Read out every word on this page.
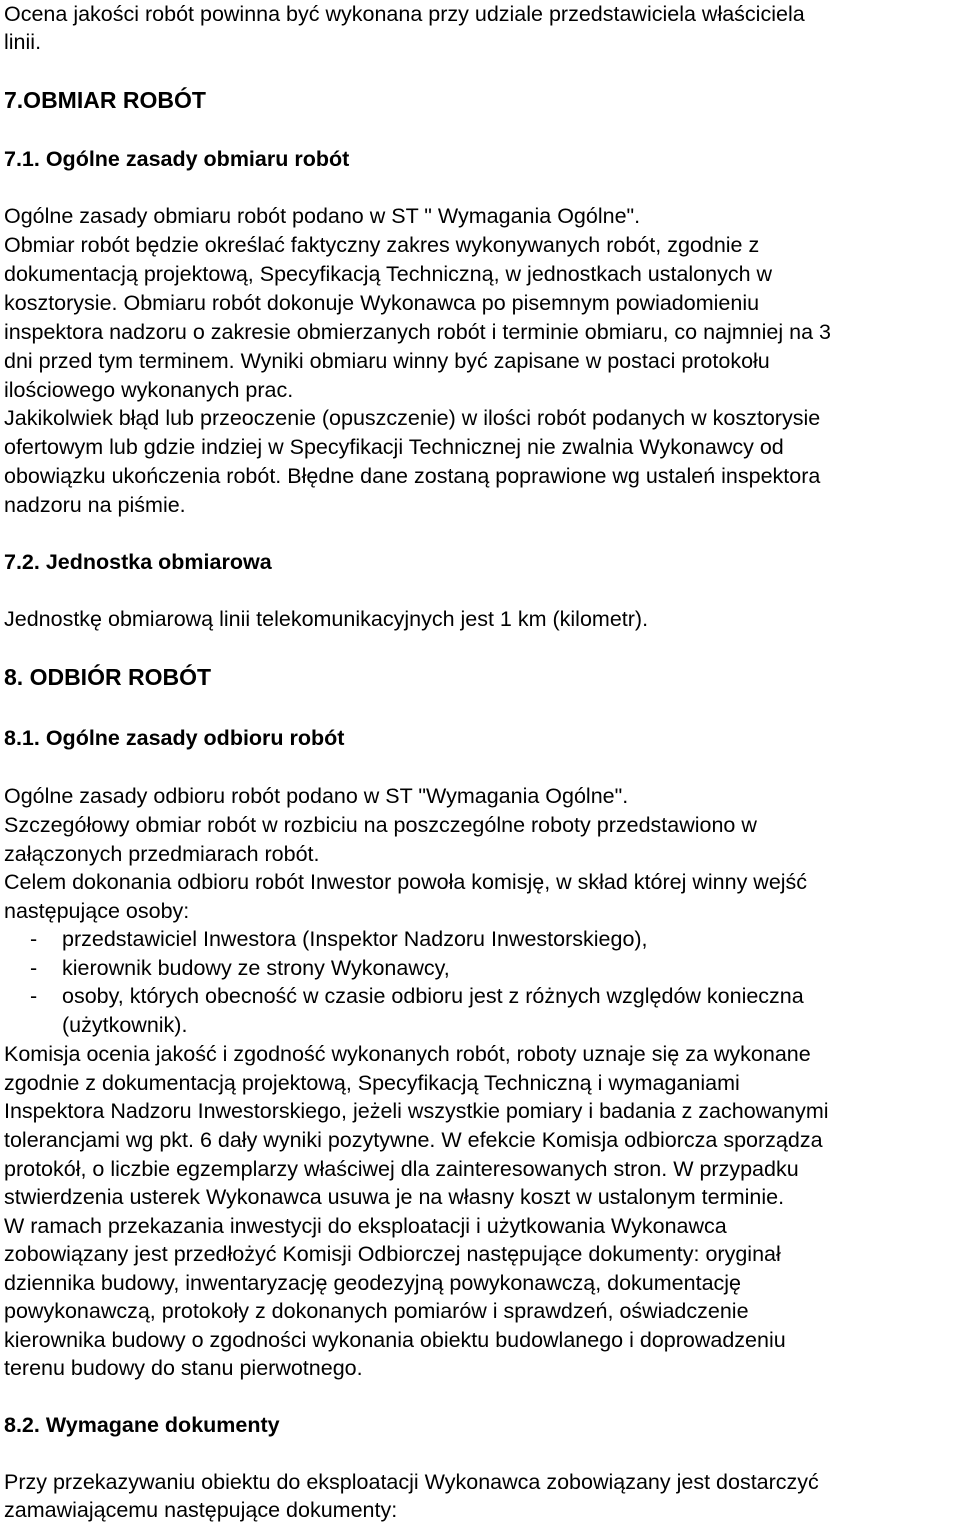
Ocena jakości robót powinna być wykonana przy udziale przedstawiciela właściciela
linii.
7.OBMIAR ROBÓT
7.1. Ogólne zasady obmiaru robót
Ogólne zasady obmiaru robót podano w ST " Wymagania Ogólne".
Obmiar robót będzie określać faktyczny zakres wykonywanych robót, zgodnie z
dokumentacją projektową, Specyfikacją Techniczną, w jednostkach ustalonych w
kosztorysie. Obmiaru robót dokonuje Wykonawca po pisemnym powiadomieniu
inspektora nadzoru o zakresie obmierzanych robót i terminie obmiaru, co najmniej na 3
dni przed tym terminem. Wyniki obmiaru winny być zapisane w postaci protokołu
ilościowego wykonanych prac.
Jakikolwiek błąd lub przeoczenie (opuszczenie) w ilości robót podanych w kosztorysie
ofertowym lub gdzie indziej w Specyfikacji Technicznej nie zwalnia Wykonawcy od
obowiązku ukończenia robót. Błędne dane zostaną poprawione wg ustaleń inspektora
nadzoru na piśmie.
7.2. Jednostka obmiarowa
Jednostkę obmiarową linii telekomunikacyjnych jest 1 km (kilometr).
8. ODBIÓR ROBÓT
8.1. Ogólne zasady odbioru robót
Ogólne zasady odbioru robót podano w ST "Wymagania Ogólne".
Szczegółowy obmiar robót w rozbiciu na poszczególne roboty przedstawiono w
załączonych przedmiarach robót.
Celem dokonania odbioru robót Inwestor powoła komisję, w skład której winny wejść
następujące osoby:
- przedstawiciel Inwestora (Inspektor Nadzoru Inwestorskiego),
- kierownik budowy ze strony Wykonawcy,
- osoby, których obecność w czasie odbioru jest z różnych względów konieczna
(użytkownik).
Komisja ocenia jakość i zgodność wykonanych robót, roboty uznaje się za wykonane
zgodnie z dokumentacją projektową, Specyfikacją Techniczną i wymaganiami
Inspektora Nadzoru Inwestorskiego, jeżeli wszystkie pomiary i badania z zachowanymi
tolerancjami wg pkt. 6 dały wyniki pozytywne. W efekcie Komisja odbiorcza sporządza
protokół, o liczbie egzemplarzy właściwej dla zainteresowanych stron. W przypadku
stwierdzenia usterek Wykonawca usuwa je na własny koszt w ustalonym terminie.
W ramach przekazania inwestycji do eksploatacji i użytkowania Wykonawca
zobowiązany jest przedłożyć Komisji Odbiorczej następujące dokumenty: oryginał
dziennika budowy, inwentaryzację geodezyjną powykonawczą, dokumentację
powykonawczą, protokoły z dokonanych pomiarów i sprawdzeń, oświadczenie
kierownika budowy o zgodności wykonania obiektu budowlanego i doprowadzeniu
terenu budowy do stanu pierwotnego.
8.2. Wymagane dokumenty
Przy przekazywaniu obiektu do eksploatacji Wykonawca zobowiązany jest dostarczyć
zamawiającemu następujące dokumenty:
